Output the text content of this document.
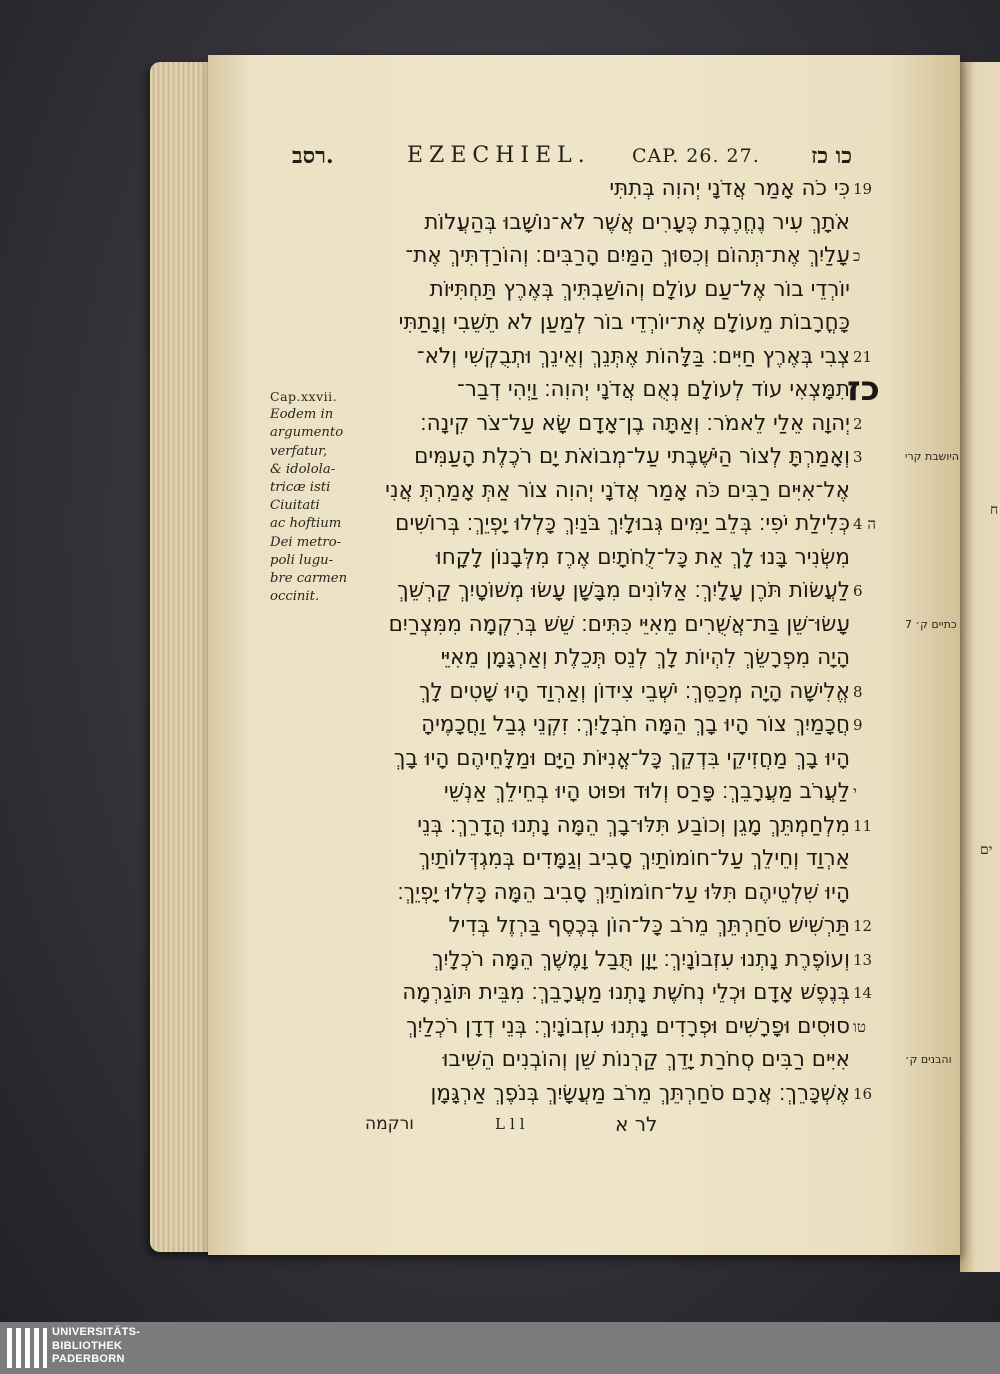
ח
ים
רסב.	EZECHIEL. CAP. 26. 27. כו כז
Cap.xxvii.
Eodem in
argumento
verfatur,
& idolola-
tricæ isti
Ciuitati
ac hoftium
Dei metro-
poli lugu-
bre carmen
occinit.
כִּי כֹה אָמַר אֲדֹנָי יְהוִה בְּתִתִּי 19
אֹתָךְ עִיר נֶחֱרֶבֶת כֶּעָרִים אֲשֶׁר לֹא־נוֹשָׁבוּ בְּהַעֲלוֹת
עָלַיִךְ אֶת־תְּהוֹם וְכִסּוּךְ הַמַּיִם הָרַבִּים׃ וְהוֹרַדְתִּיךְ אֶת־ כ
יוֹרְדֵי בוֹר אֶל־עַם עוֹלָם וְהוֹשַׁבְתִּיךְ בְּאֶרֶץ תַּחְתִּיּוֹת
כָּחֳרָבוֹת מֵעוֹלָם אֶת־יוֹרְדֵי בוֹר לְמַעַן לֹא תֵשֵׁבִי וְנָתַתִּי
צְבִי בְּאֶרֶץ חַיִּים׃ בַּלָּהוֹת אֶתְּנֵךְ וְאֵינֵךְ וּתְבֻקְשִׁי וְלֹא־ 21
תִמָּצְאִי עוֹד לְעוֹלָם נְאֻם אֲדֹנָי יְהוִה׃ וַיְהִי דְבַר־
כז
יְהוָה אֵלַי לֵאמֹר׃ וְאַתָּה בֶן־אָדָם שָׂא עַל־צֹר קִינָה׃ 2
וְאָמַרְתָּ לְצוֹר הַיֹּשֶׁבֶתי עַל־מְבוֹאֹת יָם רֹכֶלֶת הָעַמִּים 3	היושבת קרי
אֶל־אִיִּים רַבִּים כֹּה אָמַר אֲדֹנָי יְהוִה צוֹר אַתְּ אָמַרְתְּ אֲנִי
כְּלִילַת יֹפִי׃ בְּלֵב יַמִּים גְּבוּלָיִךְ בֹּנַיִךְ כָּלְלוּ יָפְיֵךְ׃ בְּרוֹשִׁים ה 4
מִשְּׂנִיר בָּנוּ לָךְ אֵת כָּל־לֻחֹתָיִם אֶרֶז מִלְּבָנוֹן לָקָחוּ
לַעֲשׂוֹת תֹּרֶן עָלָיִךְ׃ אַלּוֹנִים מִבָּשָׁן עָשׂוּ מְשׁוֹטָיִךְ קַרְשֵׁךְ 6
עָשׂוּ־שֵׁן בַּת־אֲשֻׁרִים מֵאִיֵּי כִּתִּים׃ שֵׁשׁ בְּרִקְמָה מִמִּצְרַיִם	כתיים ק׳ 7
הָיָה מִפְרָשֵׂךְ לִהְיוֹת לָךְ לְנֵס תְּכֵלֶת וְאַרְגָּמָן מֵאִיֵּי
אֱלִישָׁה הָיָה מְכַסֵּךְ׃ יֹשְׁבֵי צִידוֹן וְאַרְוַד הָיוּ שָׁטִים לָךְ 8
חֲכָמַיִךְ צוֹר הָיוּ בָךְ הֵמָּה חֹבְלָיִךְ׃ זִקְנֵי גְבַל וַחֲכָמֶיהָ 9
הָיוּ בָךְ מַחֲזִיקֵי בִּדְקֵךְ כָּל־אֳנִיּוֹת הַיָּם וּמַלָּחֵיהֶם הָיוּ בָךְ
לַעֲרֹב מַעֲרָבֵךְ׃ פָּרַס וְלוּד וּפוּט הָיוּ בְחֵילֵךְ אַנְשֵׁי י
מִלְחַמְתֵּךְ מָגֵן וְכוֹבַע תִּלּוּ־בָךְ הֵמָּה נָתְנוּ הֲדָרֵךְ׃ בְּנֵי 11
אַרְוַד וְחֵילֵךְ עַל־חוֹמוֹתַיִךְ סָבִיב וְגַמָּדִים בְּמִגְדְּלוֹתַיִךְ
הָיוּ שִׁלְטֵיהֶם תִּלּוּ עַל־חוֹמוֹתַיִךְ סָבִיב הֵמָּה כָּלְלוּ יָפְיֵךְ׃
תַּרְשִׁישׁ סֹחַרְתֵּךְ מֵרֹב כָּל־הוֹן בְּכֶסֶף בַּרְזֶל בְּדִיל 12
וְעוֹפֶרֶת נָתְנוּ עִזְבוֹנָיִךְ׃ יָוָן תֻּבַל וָמֶשֶׁךְ הֵמָּה רֹכְלָיִךְ 13
בְּנֶפֶשׁ אָדָם וּכְלֵי נְחֹשֶׁת נָתְנוּ מַעֲרָבֵךְ׃ מִבֵּית תּוֹגַרְמָה 14
סוּסִים וּפָרָשִׁים וּפְרָדִים נָתְנוּ עִזְבוֹנָיִךְ׃ בְּנֵי דְדָן רֹכְלַיִךְ טו
אִיִּים רַבִּים סְחֹרַת יָדֵךְ קַרְנוֹת שֵׁן וְהוֹבְנִים הֵשִׁיבוּ	והבנים ק׳
אֶשְׁכָּרֵךְ׃ אֲרָם סֹחַרְתֵּךְ מֵרֹב מַעֲשָׂיִךְ בְּנֹפֶךְ אַרְגָּמָן 16
ורקמה	Lll	לר א
UNIVERSITÄTS-
BIBLIOTHEK
PADERBORN
